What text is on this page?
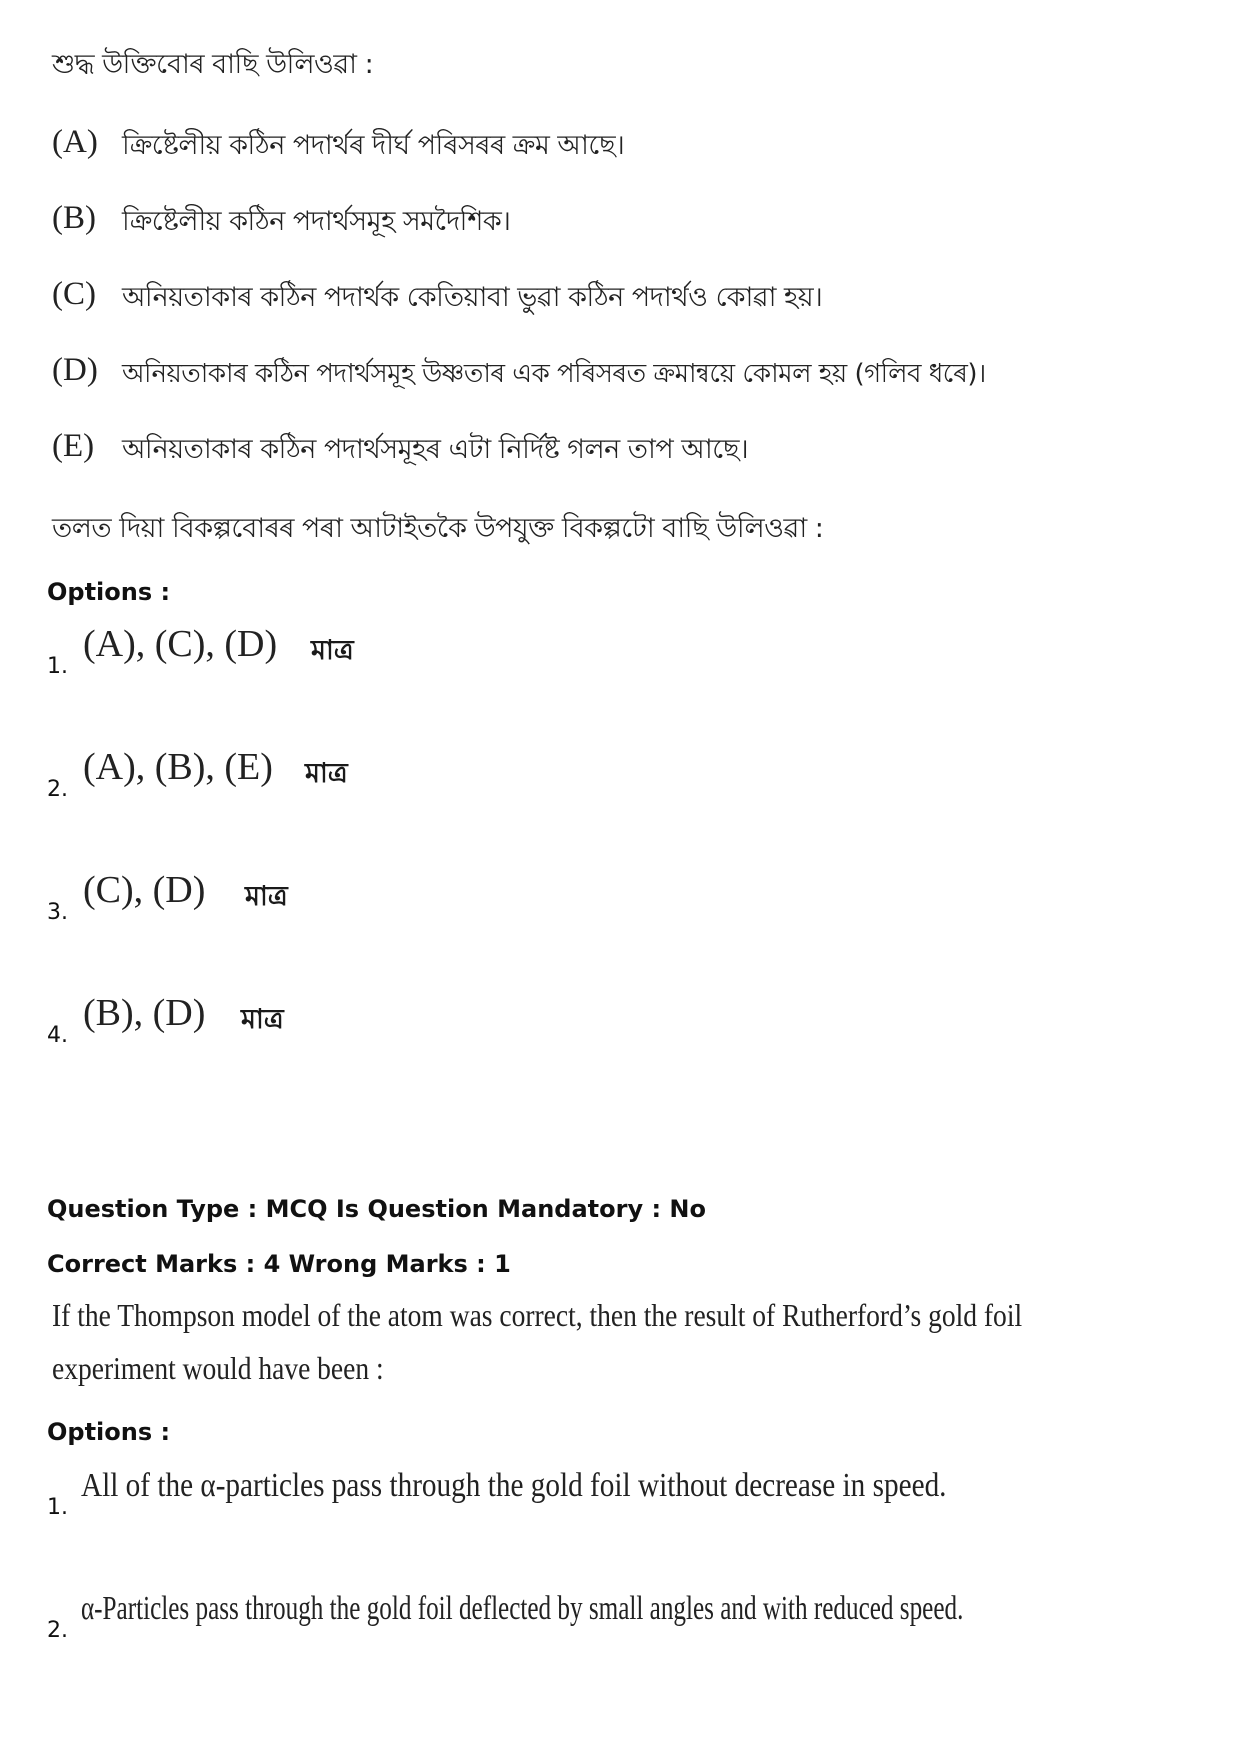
শুদ্ধ উক্তিবোৰ বাছি উলিওৱা :
(A) ক্ৰিষ্টেলীয় কঠিন পদাৰ্থৰ দীৰ্ঘ পৰিসৰৰ ক্ৰম আছে।
(B) ক্ৰিষ্টেলীয় কঠিন পদাৰ্থসমূহ সমদৈশিক।
(C) অনিয়তাকাৰ কঠিন পদাৰ্থক কেতিয়াবা ভুৱা কঠিন পদাৰ্থও কোৱা হয়।
(D) অনিয়তাকাৰ কঠিন পদাৰ্থসমূহ উষ্ণতাৰ এক পৰিসৰত ক্ৰমান্বয়ে কোমল হয় (গলিব ধৰে)।
(E) অনিয়তাকাৰ কঠিন পদাৰ্থসমূহৰ এটা নিৰ্দিষ্ট গলন তাপ আছে।
তলত দিয়া বিকল্পবোৰৰ পৰা আটাইতকৈ উপযুক্ত বিকল্পটো বাছি উলিওৱা :
Options :
1.
(A), (C), (D) মাত্ৰ
2.
(A), (B), (E) মাত্ৰ
3.
(C), (D) মাত্ৰ
4.
(B), (D) মাত্ৰ
Question Type : MCQ Is Question Mandatory : No
Correct Marks : 4 Wrong Marks : 1
If the Thompson model of the atom was correct, then the result of Rutherford’s gold foil
experiment would have been :
Options :
1.
All of the α-particles pass through the gold foil without decrease in speed.
2.
α-Particles pass through the gold foil deflected by small angles and with reduced speed.
